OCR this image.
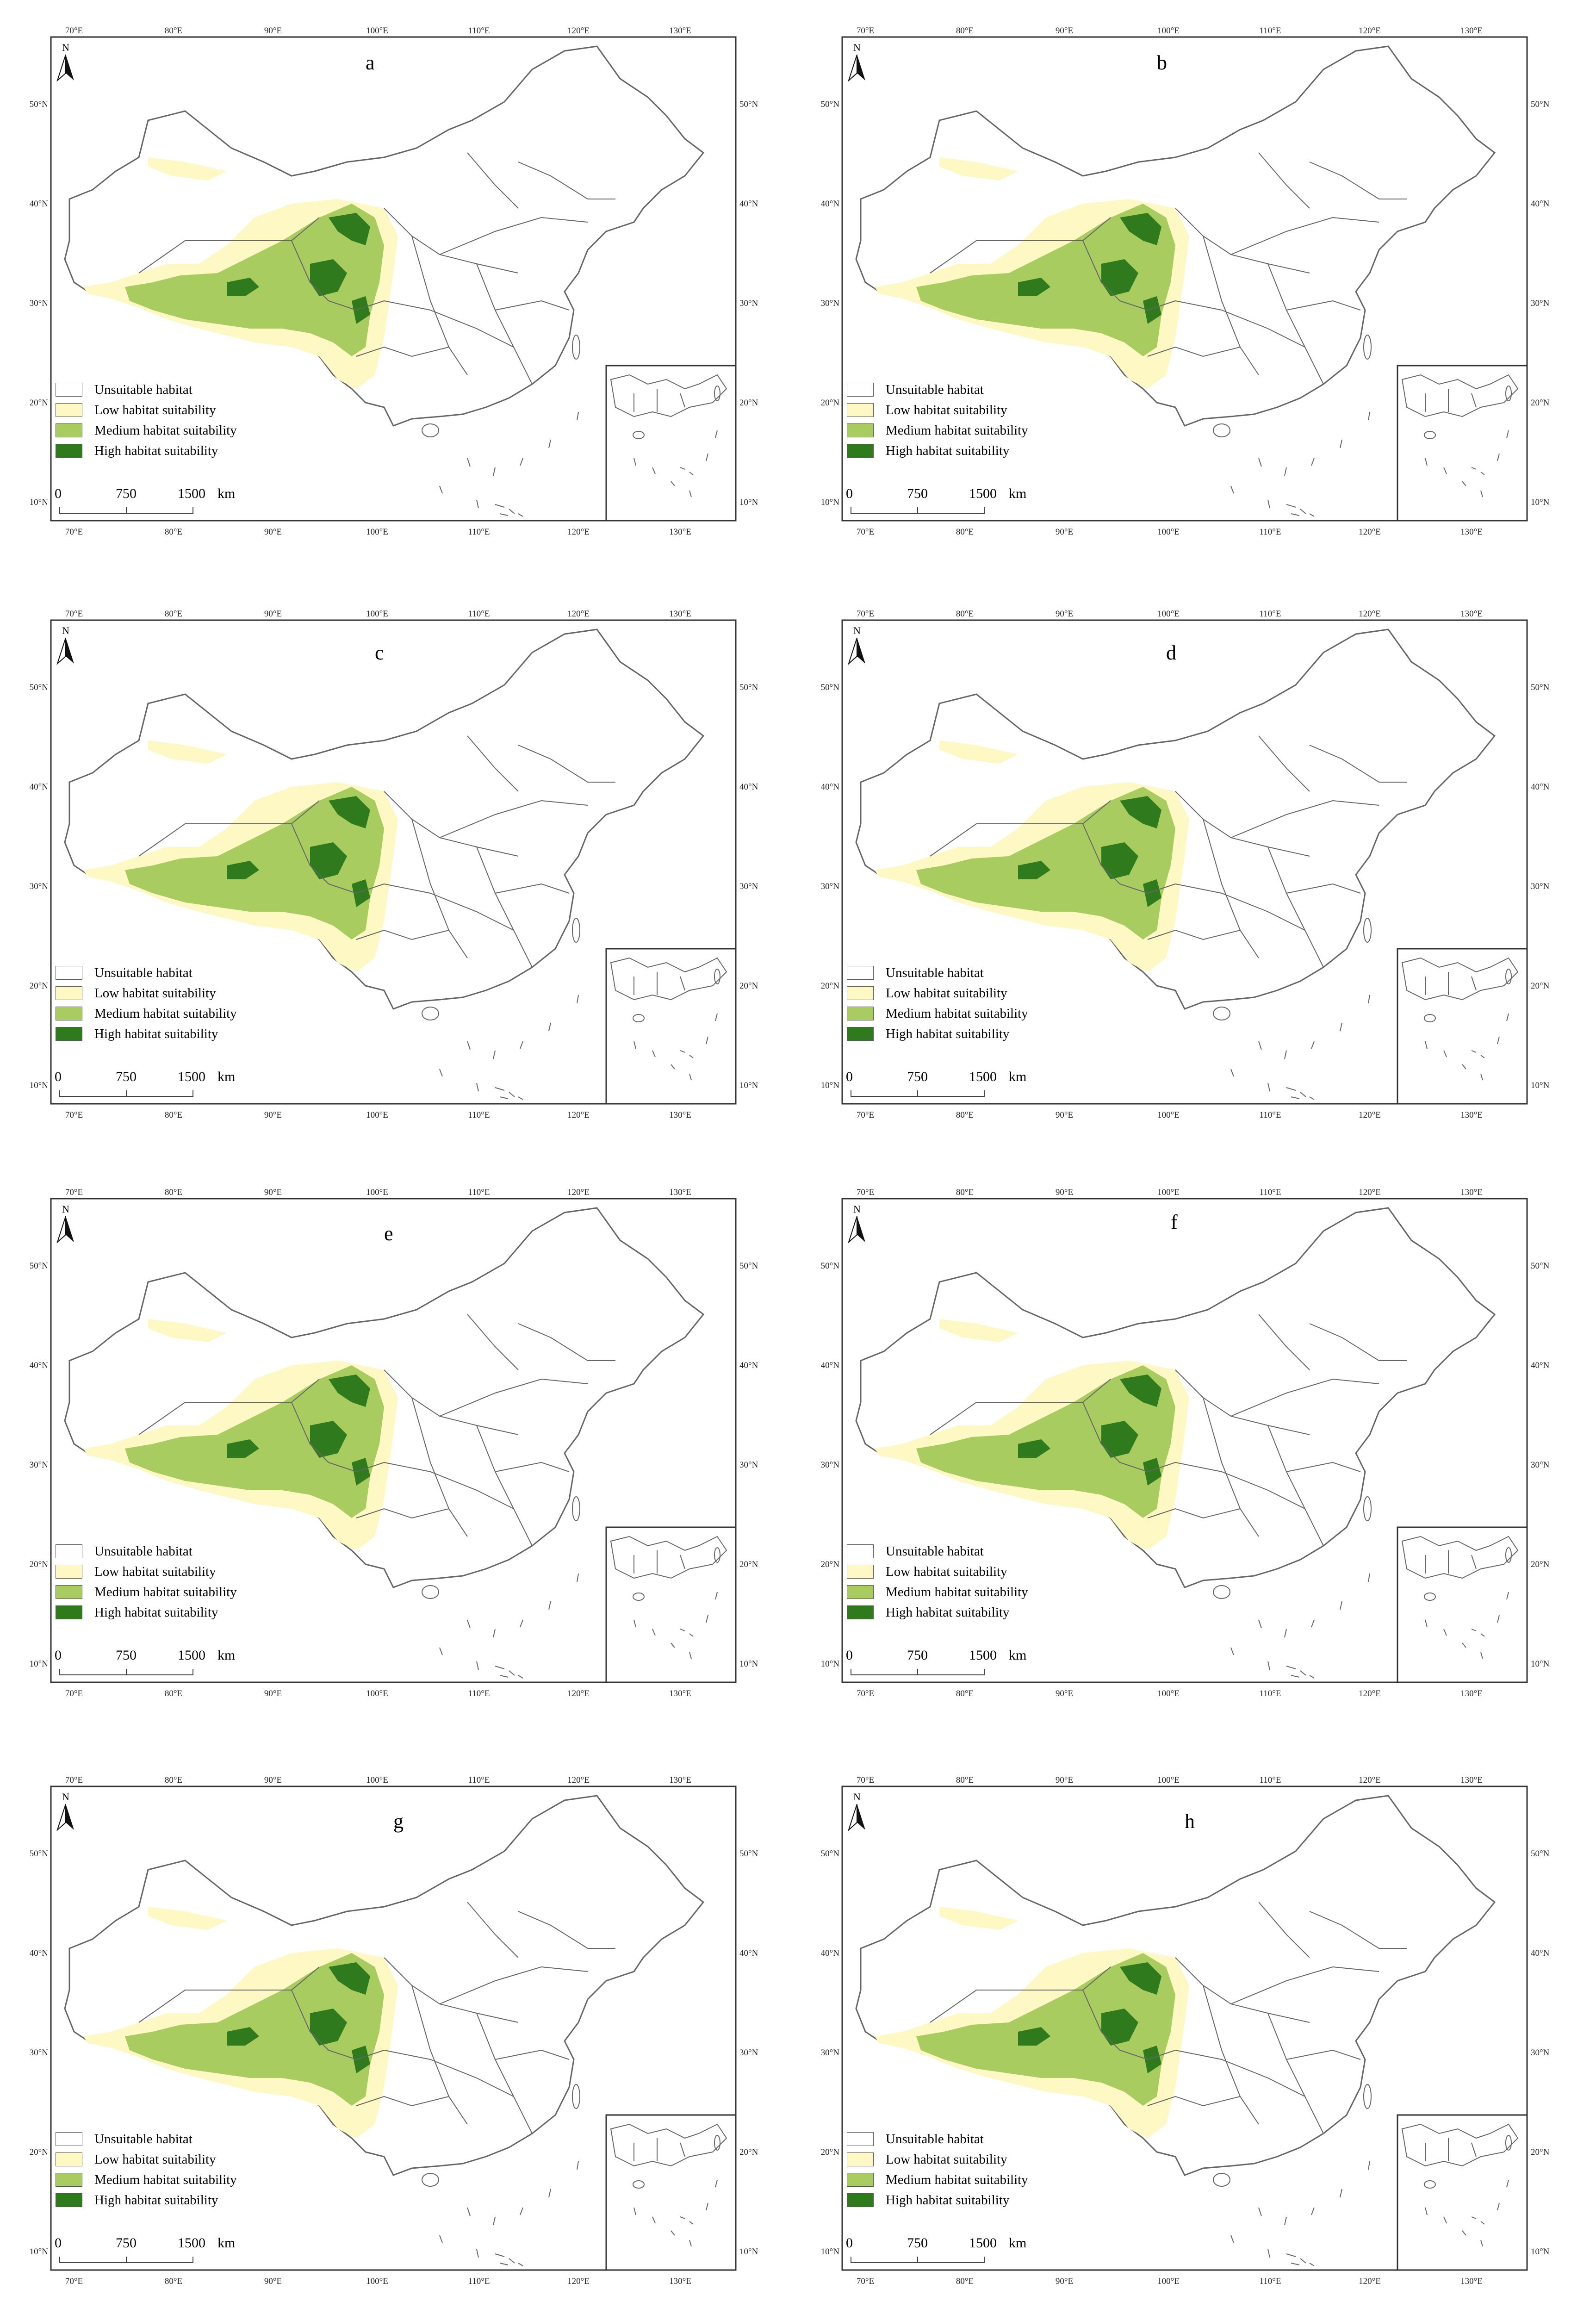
70°E	80°E	90°E	100°E	110°E	120°E	130°E
70°E	80°E	90°E	100°E	110°E	120°E	130°E
50°N
40°N
30°N
20°N
10°N
50°N
40°N
30°N
20°N
10°N
N
a
Unsuitable habitat
Low habitat suitability
Medium habitat suitability
High habitat suitability
0	750	1500 km
70°E	80°E	90°E	100°E	110°E	120°E	130°E
70°E	80°E	90°E	100°E	110°E	120°E	130°E
50°N
40°N
30°N
20°N
10°N
50°N
40°N
30°N
20°N
10°N
N
b
Unsuitable habitat
Low habitat suitability
Medium habitat suitability
High habitat suitability
0	750	1500 km
70°E	80°E	90°E	100°E	110°E	120°E	130°E
70°E	80°E	90°E	100°E	110°E	120°E	130°E
50°N
40°N
30°N
20°N
10°N
50°N
40°N
30°N
20°N
10°N
N
c
Unsuitable habitat
Low habitat suitability
Medium habitat suitability
High habitat suitability
0	750	1500 km
70°E	80°E	90°E	100°E	110°E	120°E	130°E
70°E	80°E	90°E	100°E	110°E	120°E	130°E
50°N
40°N
30°N
20°N
10°N
50°N
40°N
30°N
20°N
10°N
N
d
Unsuitable habitat
Low habitat suitability
Medium habitat suitability
High habitat suitability
0	750	1500 km
70°E	80°E	90°E	100°E	110°E	120°E	130°E
70°E	80°E	90°E	100°E	110°E	120°E	130°E
50°N
40°N
30°N
20°N
10°N
50°N
40°N
30°N
20°N
10°N
N
e
Unsuitable habitat
Low habitat suitability
Medium habitat suitability
High habitat suitability
0	750	1500 km
70°E	80°E	90°E	100°E	110°E	120°E	130°E
70°E	80°E	90°E	100°E	110°E	120°E	130°E
50°N
40°N
30°N
20°N
10°N
50°N
40°N
30°N
20°N
10°N
N
f
Unsuitable habitat
Low habitat suitability
Medium habitat suitability
High habitat suitability
0	750	1500 km
70°E	80°E	90°E	100°E	110°E	120°E	130°E
70°E	80°E	90°E	100°E	110°E	120°E	130°E
50°N
40°N
30°N
20°N
10°N
50°N
40°N
30°N
20°N
10°N
N
g
Unsuitable habitat
Low habitat suitability
Medium habitat suitability
High habitat suitability
0	750	1500 km
70°E	80°E	90°E	100°E	110°E	120°E	130°E
70°E	80°E	90°E	100°E	110°E	120°E	130°E
50°N
40°N
30°N
20°N
10°N
50°N
40°N
30°N
20°N
10°N
N
h
Unsuitable habitat
Low habitat suitability
Medium habitat suitability
High habitat suitability
0	750	1500 km
